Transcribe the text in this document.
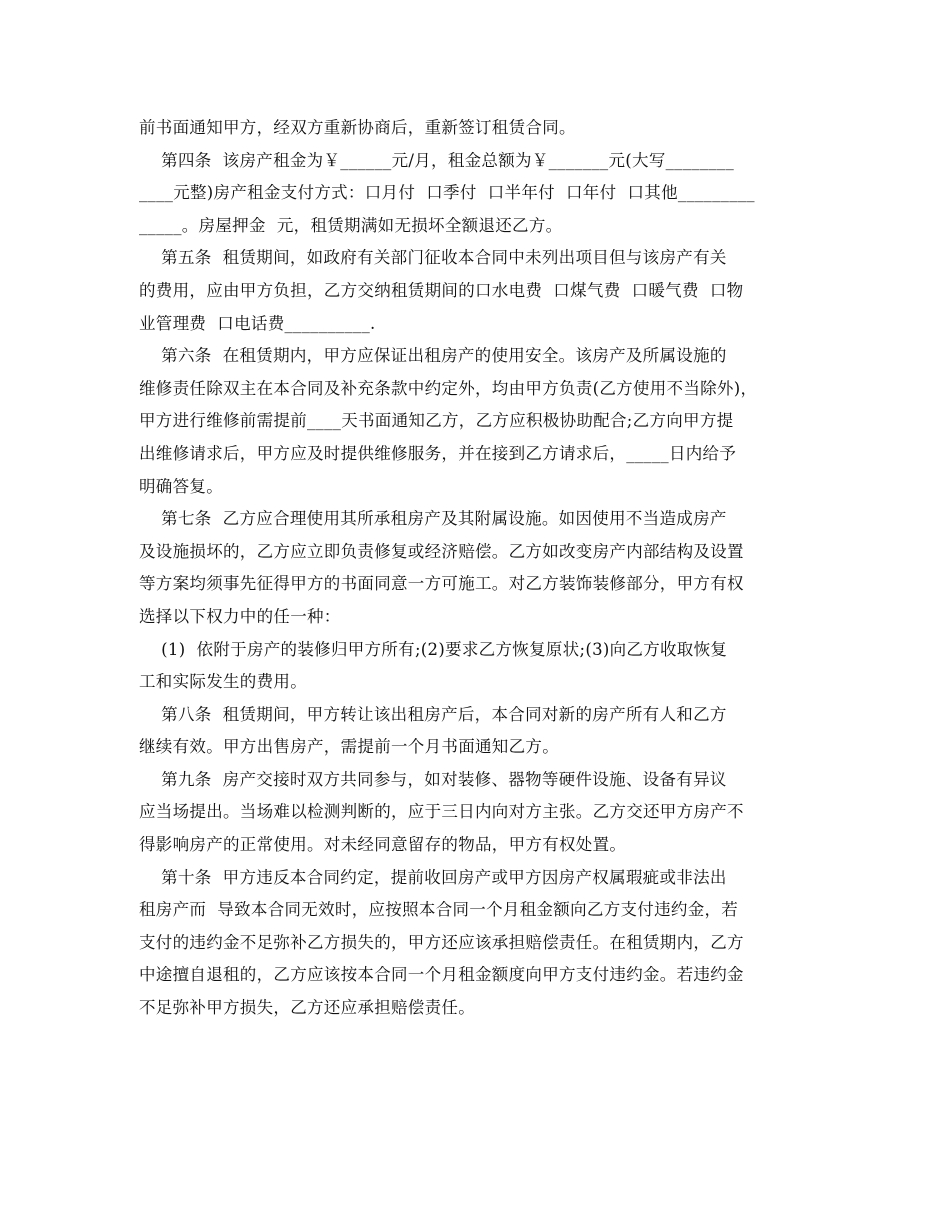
前书面通知甲方，经双方重新协商后，重新签订租赁合同。
第四条  该房产租金为￥______元/月，租金总额为￥_______元(大写________
____元整)房产租金支付方式：口月付  口季付  口半年付  口年付  口其他_________
_____。房屋押金  元，租赁期满如无损坏全额退还乙方。
第五条  租赁期间，如政府有关部门征收本合同中未列出项目但与该房产有关
的费用，应由甲方负担，乙方交纳租赁期间的口水电费  口煤气费  口暖气费  口物
业管理费  口电话费__________.
第六条  在租赁期内，甲方应保证出租房产的使用安全。该房产及所属设施的
维修责任除双主在本合同及补充条款中约定外，均由甲方负责(乙方使用不当除外)，
甲方进行维修前需提前____天书面通知乙方，乙方应积极协助配合;乙方向甲方提
出维修请求后，甲方应及时提供维修服务，并在接到乙方请求后，_____日内给予
明确答复。
第七条  乙方应合理使用其所承租房产及其附属设施。如因使用不当造成房产
及设施损坏的，乙方应立即负责修复或经济赔偿。乙方如改变房产内部结构及设置
等方案均须事先征得甲方的书面同意一方可施工。对乙方装饰装修部分，甲方有权
选择以下权力中的任一种：
(1)  依附于房产的装修归甲方所有;(2)要求乙方恢复原状;(3)向乙方收取恢复
工和实际发生的费用。
第八条  租赁期间，甲方转让该出租房产后，本合同对新的房产所有人和乙方
继续有效。甲方出售房产，需提前一个月书面通知乙方。
第九条  房产交接时双方共同参与，如对装修、器物等硬件设施、设备有异议
应当场提出。当场难以检测判断的，应于三日内向对方主张。乙方交还甲方房产不
得影响房产的正常使用。对未经同意留存的物品，甲方有权处置。
第十条  甲方违反本合同约定，提前收回房产或甲方因房产权属瑕疵或非法出
租房产而  导致本合同无效时，应按照本合同一个月租金额向乙方支付违约金，若
支付的违约金不足弥补乙方损失的，甲方还应该承担赔偿责任。在租赁期内，乙方
中途擅自退租的，乙方应该按本合同一个月租金额度向甲方支付违约金。若违约金
不足弥补甲方损失，乙方还应承担赔偿责任。
